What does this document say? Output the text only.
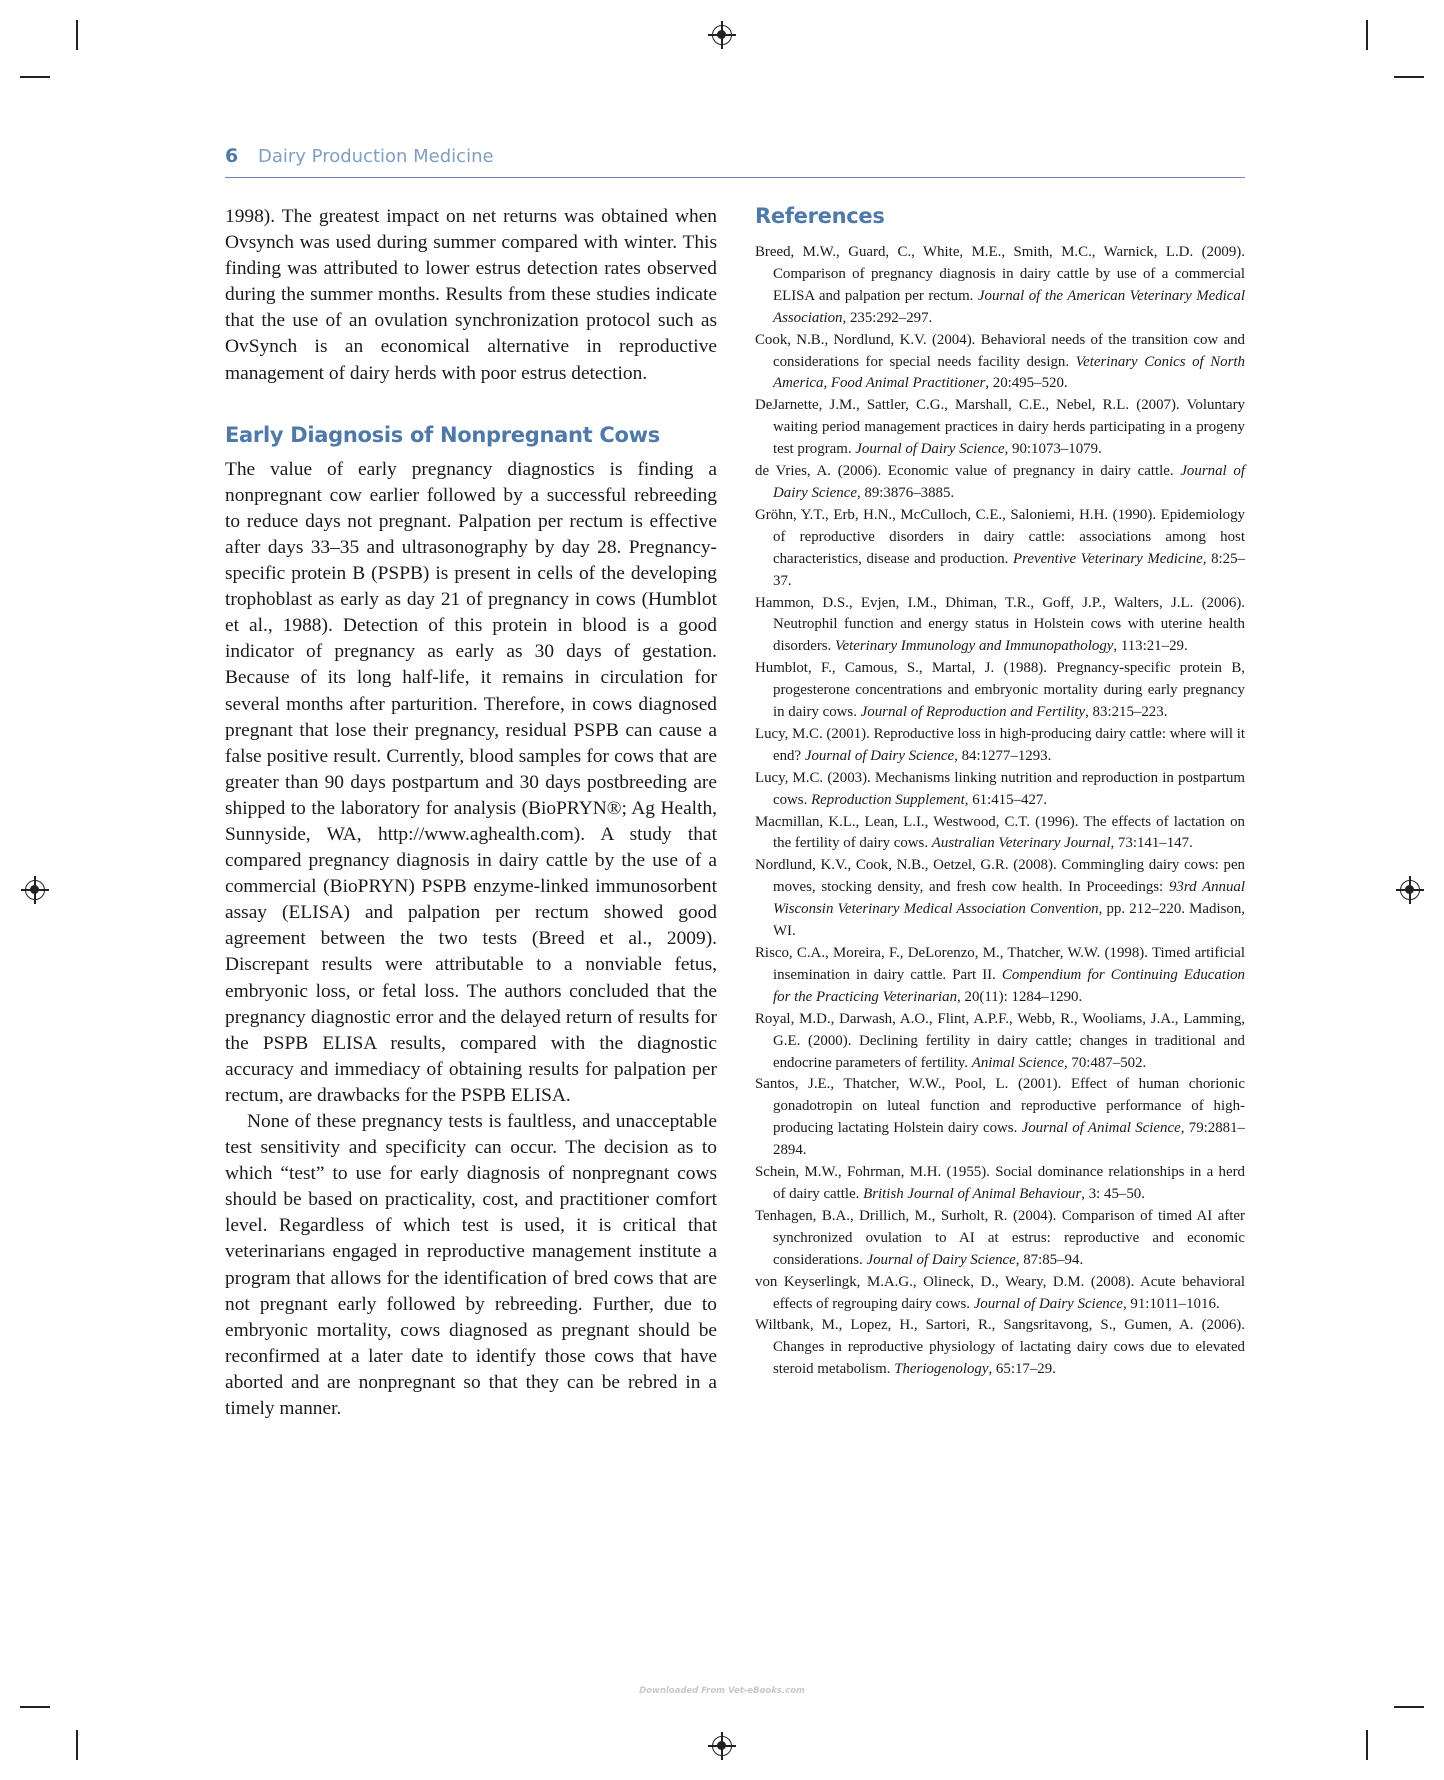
6 Dairy Production Medicine

1998). The greatest impact on net returns was obtained when Ovsynch was used during summer compared with winter. This finding was attributed to lower estrus detection rates observed during the summer months. Results from these studies indicate that the use of an ovulation synchronization protocol such as OvSynch is an economical alternative in reproductive management of dairy herds with poor estrus detection.

Early Diagnosis of Nonpregnant Cows

The value of early pregnancy diagnostics is finding a nonpregnant cow earlier followed by a successful rebreeding to reduce days not pregnant. Palpation per rectum is effective after days 33–35 and ultrasonography by day 28. Pregnancy-specific protein B (PSPB) is present in cells of the developing trophoblast as early as day 21 of pregnancy in cows (Humblot et al., 1988). Detection of this protein in blood is a good indicator of pregnancy as early as 30 days of gestation. Because of its long half-life, it remains in circulation for several months after parturition. Therefore, in cows diagnosed pregnant that lose their pregnancy, residual PSPB can cause a false positive result. Currently, blood samples for cows that are greater than 90 days postpartum and 30 days postbreeding are shipped to the laboratory for analysis (BioPRYN®; Ag Health, Sunnyside, WA, http://www.aghealth.com). A study that compared pregnancy diagnosis in dairy cattle by the use of a commercial (BioPRYN) PSPB enzyme-linked immunosorbent assay (ELISA) and palpation per rectum showed good agreement between the two tests (Breed et al., 2009). Discrepant results were attributable to a nonviable fetus, embryonic loss, or fetal loss. The authors concluded that the pregnancy diagnostic error and the delayed return of results for the PSPB ELISA results, compared with the diagnostic accuracy and immediacy of obtaining results for palpation per rectum, are drawbacks for the PSPB ELISA.

None of these pregnancy tests is faultless, and unacceptable test sensitivity and specificity can occur. The decision as to which “test” to use for early diagnosis of nonpregnant cows should be based on practicality, cost, and practitioner comfort level. Regardless of which test is used, it is critical that veterinarians engaged in reproductive management institute a program that allows for the identification of bred cows that are not pregnant early followed by rebreeding. Further, due to embryonic mortality, cows diagnosed as pregnant should be reconfirmed at a later date to identify those cows that have aborted and are nonpregnant so that they can be rebred in a timely manner.

References

Breed, M.W., Guard, C., White, M.E., Smith, M.C., Warnick, L.D. (2009). Comparison of pregnancy diagnosis in dairy cattle by use of a commercial ELISA and palpation per rectum. Journal of the American Veterinary Medical Association, 235:292–297.

Cook, N.B., Nordlund, K.V. (2004). Behavioral needs of the transition cow and considerations for special needs facility design. Veterinary Conics of North America, Food Animal Practitioner, 20:495–520.

DeJarnette, J.M., Sattler, C.G., Marshall, C.E., Nebel, R.L. (2007). Voluntary waiting period management practices in dairy herds participating in a progeny test program. Journal of Dairy Science, 90:1073–1079.

de Vries, A. (2006). Economic value of pregnancy in dairy cattle. Journal of Dairy Science, 89:3876–3885.

Gröhn, Y.T., Erb, H.N., McCulloch, C.E., Saloniemi, H.H. (1990). Epidemiology of reproductive disorders in dairy cattle: associations among host characteristics, disease and production. Preventive Veterinary Medicine, 8:25–37.

Hammon, D.S., Evjen, I.M., Dhiman, T.R., Goff, J.P., Walters, J.L. (2006). Neutrophil function and energy status in Holstein cows with uterine health disorders. Veterinary Immunology and Immunopathology, 113:21–29.

Humblot, F., Camous, S., Martal, J. (1988). Pregnancy-specific protein B, progesterone concentrations and embryonic mortality during early pregnancy in dairy cows. Journal of Reproduction and Fertility, 83:215–223.

Lucy, M.C. (2001). Reproductive loss in high-producing dairy cattle: where will it end? Journal of Dairy Science, 84:1277–1293.

Lucy, M.C. (2003). Mechanisms linking nutrition and reproduction in postpartum cows. Reproduction Supplement, 61:415–427.

Macmillan, K.L., Lean, L.I., Westwood, C.T. (1996). The effects of lactation on the fertility of dairy cows. Australian Veterinary Journal, 73:141–147.

Nordlund, K.V., Cook, N.B., Oetzel, G.R. (2008). Commingling dairy cows: pen moves, stocking density, and fresh cow health. In Proceedings: 93rd Annual Wisconsin Veterinary Medical Association Convention, pp. 212–220. Madison, WI.

Risco, C.A., Moreira, F., DeLorenzo, M., Thatcher, W.W. (1998). Timed artificial insemination in dairy cattle. Part II. Compendium for Continuing Education for the Practicing Veterinarian, 20(11): 1284–1290.

Royal, M.D., Darwash, A.O., Flint, A.P.F., Webb, R., Wooliams, J.A., Lamming, G.E. (2000). Declining fertility in dairy cattle; changes in traditional and endocrine parameters of fertility. Animal Science, 70:487–502.

Santos, J.E., Thatcher, W.W., Pool, L. (2001). Effect of human chorionic gonadotropin on luteal function and reproductive performance of high-producing lactating Holstein dairy cows. Journal of Animal Science, 79:2881–2894.

Schein, M.W., Fohrman, M.H. (1955). Social dominance relationships in a herd of dairy cattle. British Journal of Animal Behaviour, 3: 45–50.

Tenhagen, B.A., Drillich, M., Surholt, R. (2004). Comparison of timed AI after synchronized ovulation to AI at estrus: reproductive and economic considerations. Journal of Dairy Science, 87:85–94.

von Keyserlingk, M.A.G., Olineck, D., Weary, D.M. (2008). Acute behavioral effects of regrouping dairy cows. Journal of Dairy Science, 91:1011–1016.

Wiltbank, M., Lopez, H., Sartori, R., Sangsritavong, S., Gumen, A. (2006). Changes in reproductive physiology of lactating dairy cows due to elevated steroid metabolism. Theriogenology, 65:17–29.

Downloaded From Vet-eBooks.com
